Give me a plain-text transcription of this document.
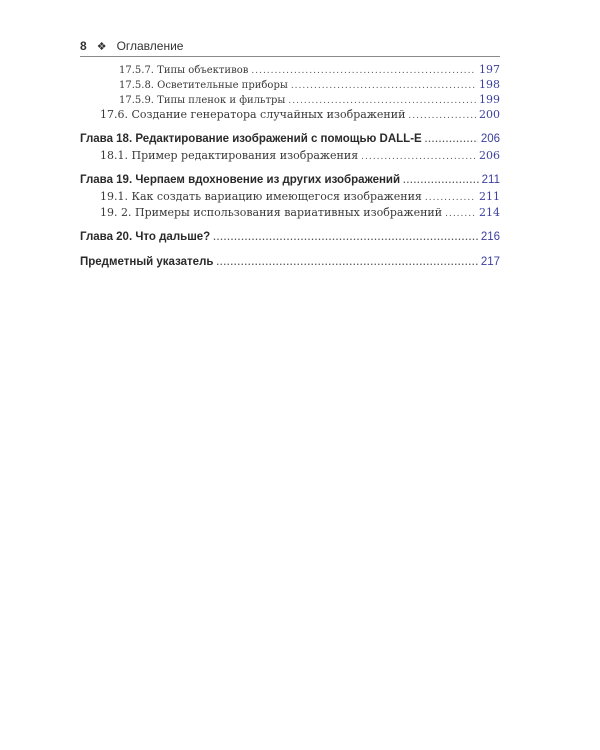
8 ❖ Оглавление
17.5.7. Типы объективов .....	197
17.5.8. Осветительные приборы .....	198
17.5.9. Типы пленок и фильтры .....	199
17.6. Создание генератора случайных изображений .....	200
Глава 18. Редактирование изображений с помощью DALL-E .....	206
18.1. Пример редактирования изображения .....	206
Глава 19. Черпаем вдохновение из других изображений .....	211
19.1. Как создать вариацию имеющегося изображения .....	211
19. 2. Примеры использования вариативных изображений .....	214
Глава 20. Что дальше? .....	216
Предметный указатель .....	217
